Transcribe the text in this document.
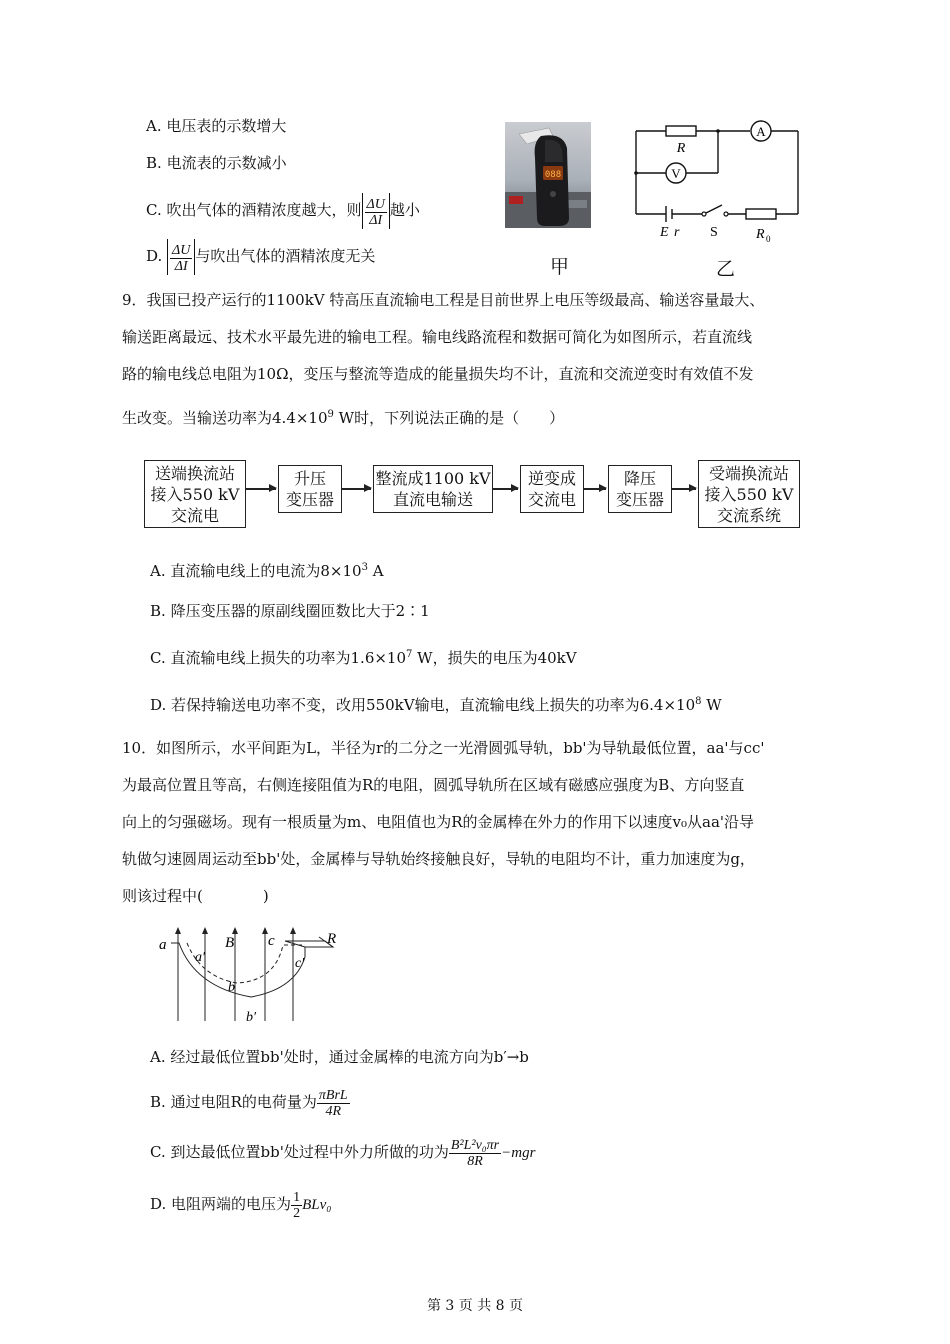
A. 电压表的示数增大
B. 电流表的示数减小
C. 吹出气体的酒精浓度越大，则 $\frac{\Delta U}{\Delta I}$ 越小
D. $\frac{\Delta U}{\Delta I}$ 与吹出气体的酒精浓度无关
088
甲
A
V
R
E r S	R 0
乙
9．我国已投产运行的1100kV 特高压直流输电工程是目前世界上电压等级最高、输送容量最大、
输送距离最远、技术水平最先进的输电工程。输电线路流程和数据可简化为如图所示，若直流线
路的输电线总电阻为10Ω，变压与整流等造成的能量损失均不计，直流和交流逆变时有效值不发
生改变。当输送功率为$4.4\times 10^9$ W时，下列说法正确的是（　　）
送端换流站
接入550 kV
交流电
升压
变压器
整流成1100 kV
直流电输送
逆变成
交流电
降压
变压器
受端换流站
接入550 kV
交流系统
A. 直流输电线上的电流为$8\times 10^3$ A
B. 降压变压器的原副线圈匝数比大于2∶1
C. 直流输电线上损失的功率为$1.6\times 10^7$ W，损失的电压为40kV
D. 若保持输送电功率不变，改用550kV输电，直流输电线上损失的功率为$6.4\times 10^8$ W
10．如图所示，水平间距为L，半径为r的二分之一光滑圆弧导轨，bb'为导轨最低位置，aa'与cc'
为最高位置且等高，右侧连接阻值为R的电阻，圆弧导轨所在区域有磁感应强度为B、方向竖直
向上的匀强磁场。现有一根质量为m、电阻值也为R的金属棒在外力的作用下以速度v₀从aa'沿导
轨做匀速圆周运动至bb'处，金属棒与导轨始终接触良好，导轨的电阻均不计，重力加速度为g，
则该过程中(　　　　)
a
a′
B c
c′
R
b
b′
A. 经过最低位置bb'处时，通过金属棒的电流方向为b′→b
B. 通过电阻R的电荷量为 $\frac{\text{πBrL}}{4R}$
C. 到达最低位置bb'处过程中外力所做的功为 $\frac{\text{B²L²v₀πr}}{8R} -mgr$
D. 电阻两端的电压为 $\frac{1}{2} BLv_0$
第 3 页 共 8 页
